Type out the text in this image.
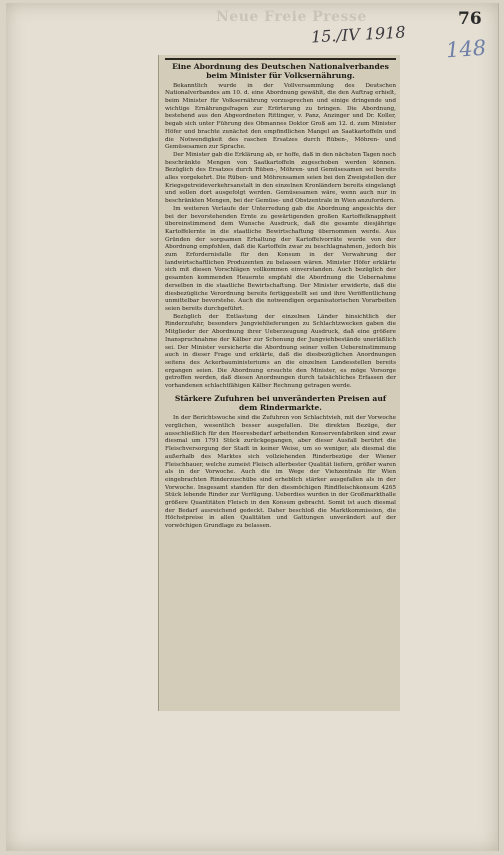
Neue Freie Presse
15./IV 1918
76
148
Eine Abordnung des Deutschen Nationalverbandes beim Minister für Volksernährung.

Bekanntlich wurde in der Vollversammlung des Deutschen Nationalverbandes am 10. d. eine Abordnung gewählt, die den Auftrag erhielt, beim Minister für Volksernährung vorzusprechen und einige dringende und wichtige Ernährungsfragen zur Erörterung zu bringen. Die Abordnung, bestehend aus den Abgeordneten Rittinger, v. Panz, Anzinger und Dr. Koller, begab sich unter Führung des Obmannes Doktor Groß am 12. d. zum Minister Höfer und brachte zunächst den empfindlichen Mangel an Saatkartoffeln und die Notwendigkeit des raschen Ersatzes durch Rüben-, Möhren- und Gemüsesamen zur Sprache.

Der Minister gab die Erklärung ab, er hoffe, daß in den nächsten Tagen noch beschränkte Mengen von Saatkartoffeln zugeschoben werden können. Bezüglich des Ersatzes durch Rüben-, Möhren- und Gemüsesamen sei bereits alles vorgekehrt. Die Rüben- und Möhrensamen seien bei den Zweigstellen der Kriegsgetreideverkehrsanstalt in den einzelnen Kronländern bereits eingelangt und sollen dort ausgefolgt werden. Gemüsesamen wäre, wenn auch nur in beschränkten Mengen, bei der Gemüse- und Obstzentrale in Wien anzufordern.

Im weiteren Verlaufe der Unterredung gab die Abordnung angesichts der bei der bevorstehenden Ernte zu gewärtigenden großen Kartoffelknappheit übereinstimmend dem Wunsche Ausdruck, daß die gesamte diesjährige Kartoffelernte in die staatliche Bewirtschaftung übernommen werde. Aus Gründen der sorgsamen Erhaltung der Kartoffelvorräte wurde von der Abordnung empfohlen, daß die Kartoffeln zwar zu beschlagnahmen, jedoch bis zum Erfordernisfalle für den Konsum in der Verwahrung der landwirtschaftlichen Produzenten zu belassen wären. Minister Höfer erklärte sich mit diesen Vorschlägen vollkommen einverstanden. Auch bezüglich der gesamten kommenden Heuernte empfahl die Abordnung die Uebernahme derselben in die staatliche Bewirtschaftung. Der Minister erwiderte, daß die diesbezügliche Verordnung bereits fertiggestellt sei und ihre Veröffentlichung unmittelbar bevorstehe. Auch die notwendigen organisatorischen Vorarbeiten seien bereits durchgeführt.

Bezüglich der Entlastung der einzelnen Länder hinsichtlich der Rinderzufuhr, besonders Jungviehlieferungen zu Schlachtzwecken gaben die Mitglieder der Abordnung ihrer Ueberzeugung Ausdruck, daß eine größere Inanspruchnahme der Kälber zur Schonung der Jungviehbestände unerläßlich sei. Der Minister versicherte die Abordnung seiner vollen Uebereinstimmung auch in dieser Frage und erklärte, daß die diesbezüglichen Anordnungen seitens des Ackerbauministeriums an die einzelnen Landesstellen bereits ergangen seien. Die Abordnung ersuchte den Minister, es möge Vorsorge getroffen werden, daß diesen Anordnungen durch tatsächliches Erfassen der vorhandenen schlachtfähigen Kälber Rechnung getragen werde.

Stärkere Zufuhren bei unveränderten Preisen auf dem Rindermarkte.

In der Berichtswoche sind die Zufuhren von Schlachtvieh, mit der Vorwoche verglichen, wesentlich besser ausgefallen. Die direkten Bezüge, der ausschließlich für den Heeresbedarf arbeitenden Konservenfabriken sind zwar diesmal um 1791 Stück zurückgegangen, aber dieser Ausfall berührt die Fleischversorgung der Stadt in keiner Weise, um so weniger, als diesmal die außerhalb des Marktes sich vollziehenden Rinderbezüge der Wiener Fleischhauer, welche zumeist Fleisch allerbester Qualität liefern, größer waren als in der Vorwoche. Auch die im Wege der Viehzentrale für Wien eingebrachten Rinderzuschübe sind erheblich stärker ausgefallen als in der Vorwoche. Insgesamt standen für den diesmöchigen Rindfleischkonsum 4265 Stück lebende Rinder zur Verfügung. Ueberdies wurden in der Großmarkthalle größere Quantitäten Fleisch in den Konsum gebracht. Somit ist auch diesmal der Bedarf ausreichend gedeckt. Daher beschloß die Marktkommission, die Höchstpreise in allen Qualitäten und Gattungen unverändert auf der vorwöchigen Grundlage zu belassen.
